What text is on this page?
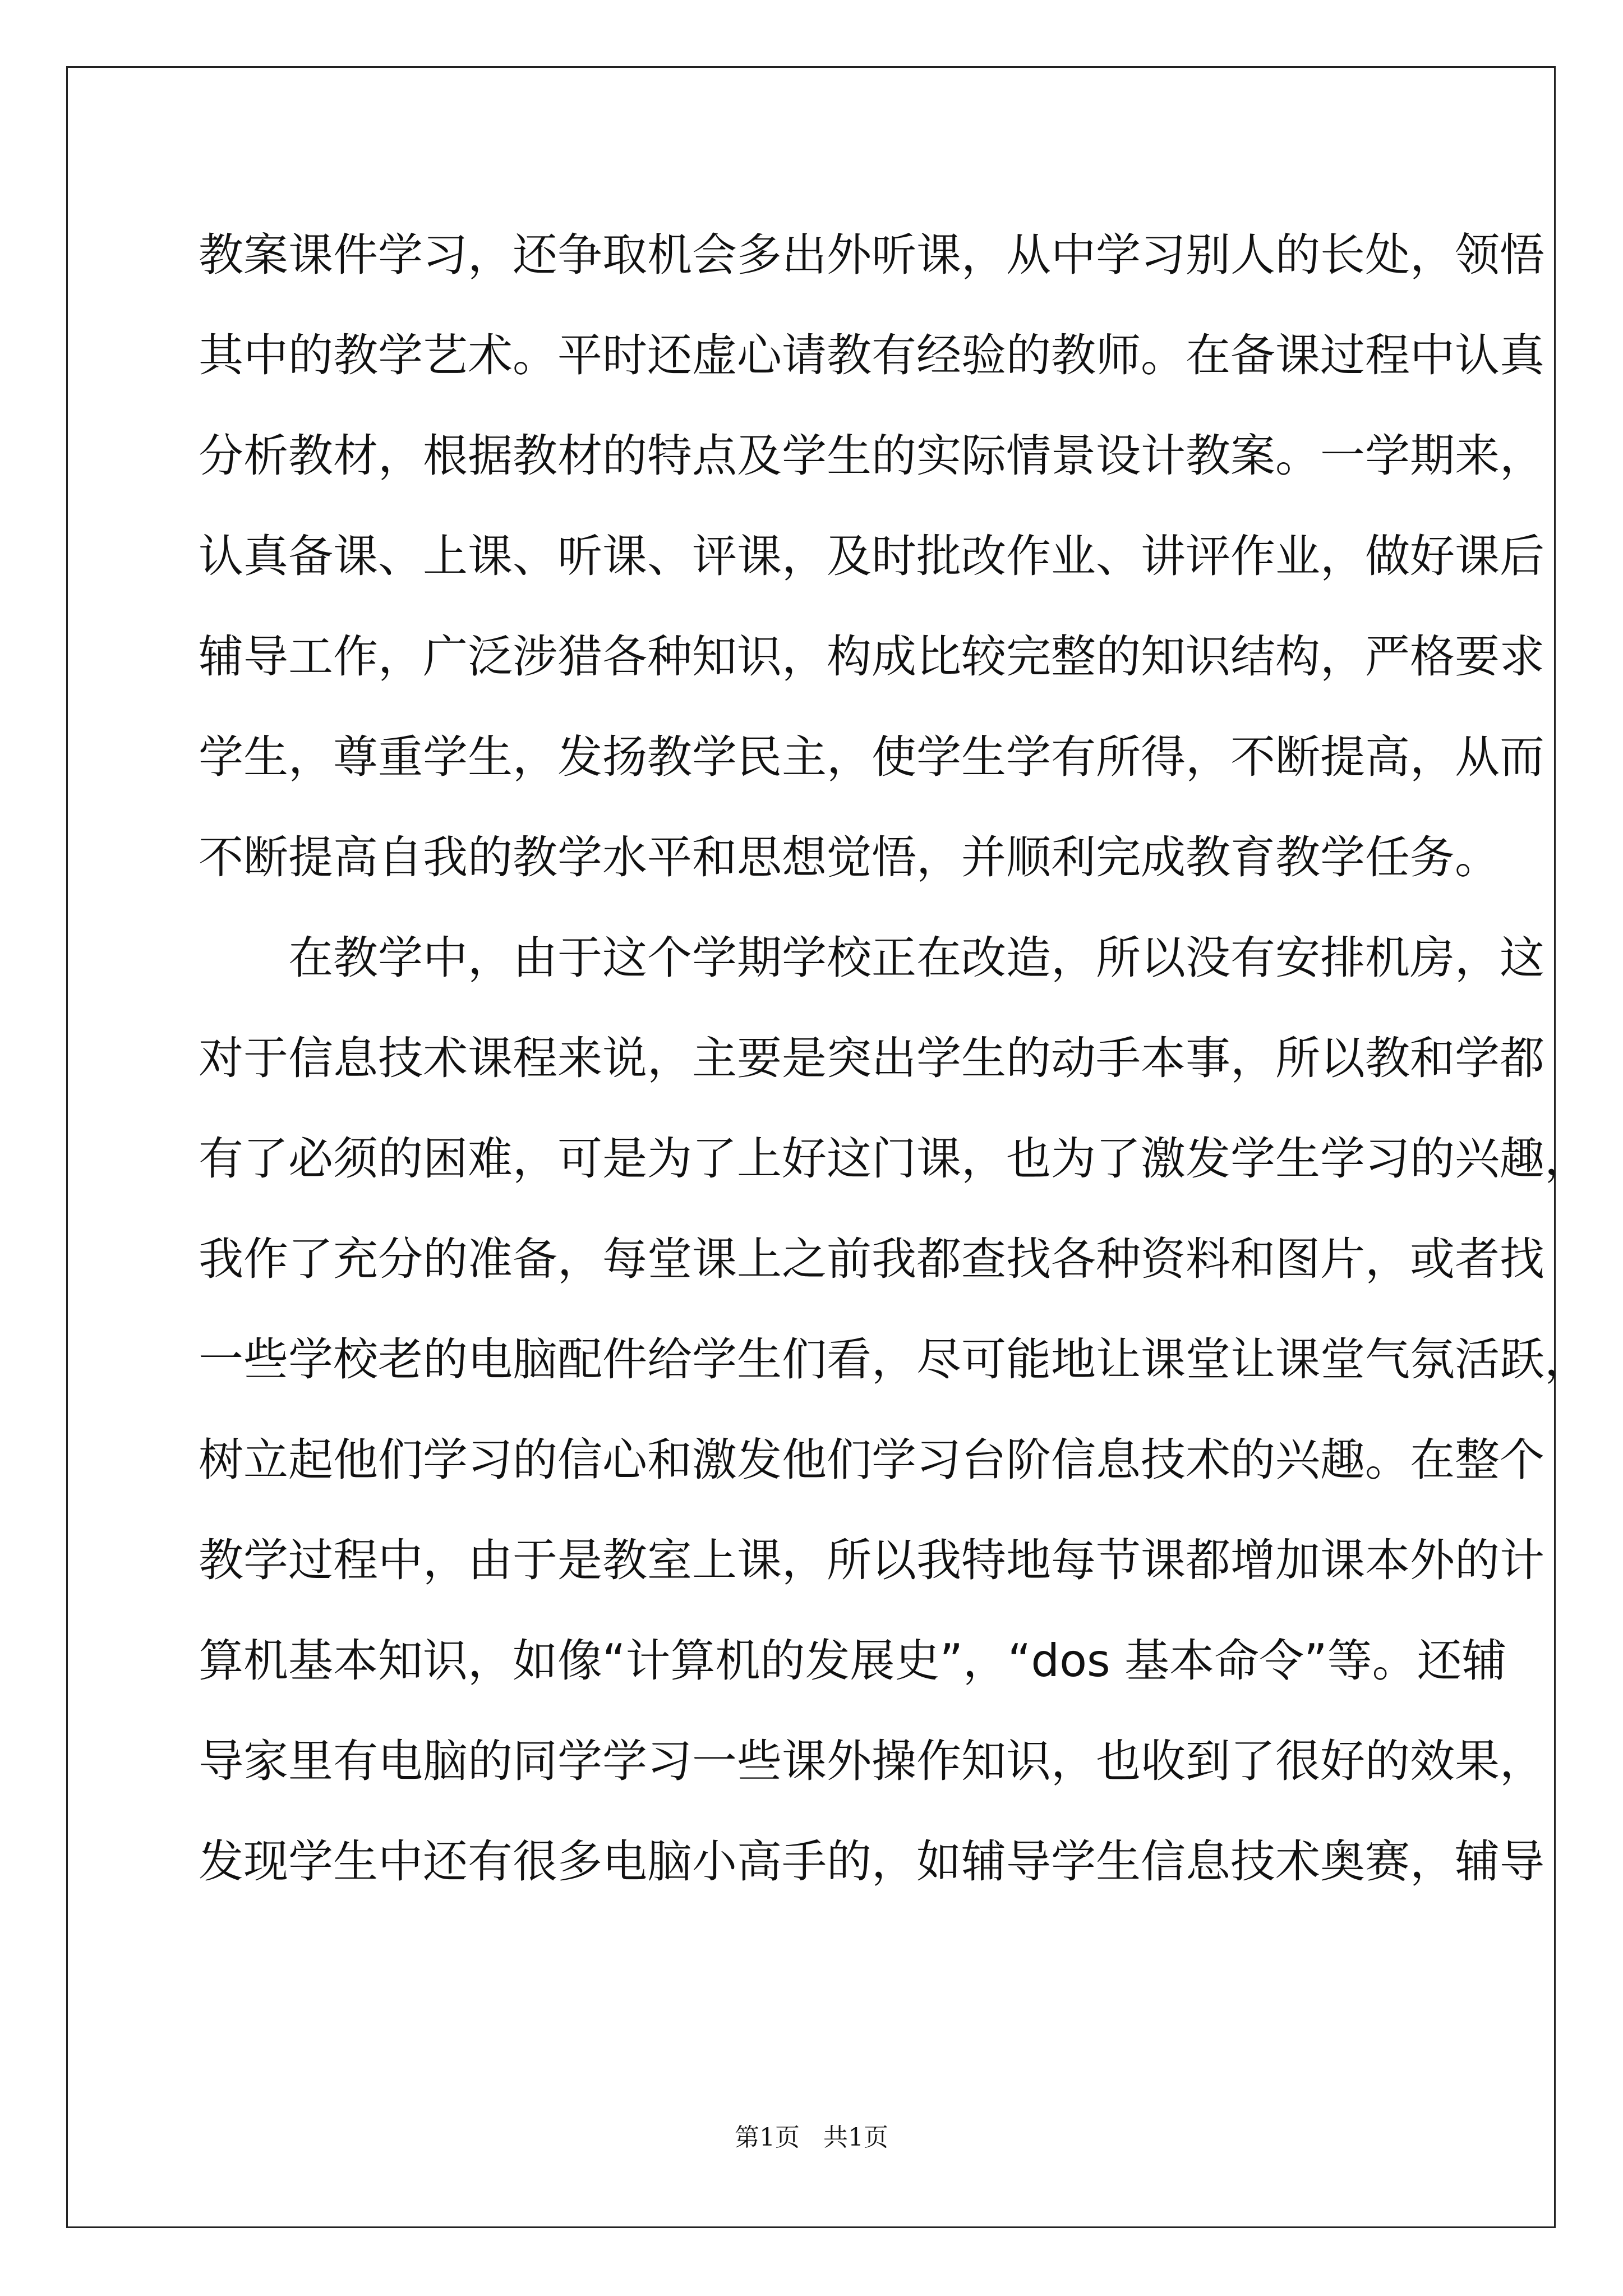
教案课件学习，还争取机会多出外听课，从中学习别人的长处，领悟
其中的教学艺术。平时还虚心请教有经验的教师。在备课过程中认真
分析教材，根据教材的特点及学生的实际情景设计教案。一学期来，
认真备课、上课、听课、评课，及时批改作业、讲评作业，做好课后
辅导工作，广泛涉猎各种知识，构成比较完整的知识结构，严格要求
学生，尊重学生，发扬教学民主，使学生学有所得，不断提高，从而
不断提高自我的教学水平和思想觉悟，并顺利完成教育教学任务。
在教学中，由于这个学期学校正在改造，所以没有安排机房，这
对于信息技术课程来说，主要是突出学生的动手本事，所以教和学都
有了必须的困难，可是为了上好这门课，也为了激发学生学习的兴趣，
我作了充分的准备，每堂课上之前我都查找各种资料和图片，或者找
一些学校老的电脑配件给学生们看，尽可能地让课堂让课堂气氛活跃，
树立起他们学习的信心和激发他们学习台阶信息技术的兴趣。在整个
教学过程中，由于是教室上课，所以我特地每节课都增加课本外的计
算机基本知识，如像“计算机的发展史”，“dos 基本命令”等。还辅
导家里有电脑的同学学习一些课外操作知识，也收到了很好的效果，
发现学生中还有很多电脑小高手的，如辅导学生信息技术奥赛，辅导
第1页 共1页
